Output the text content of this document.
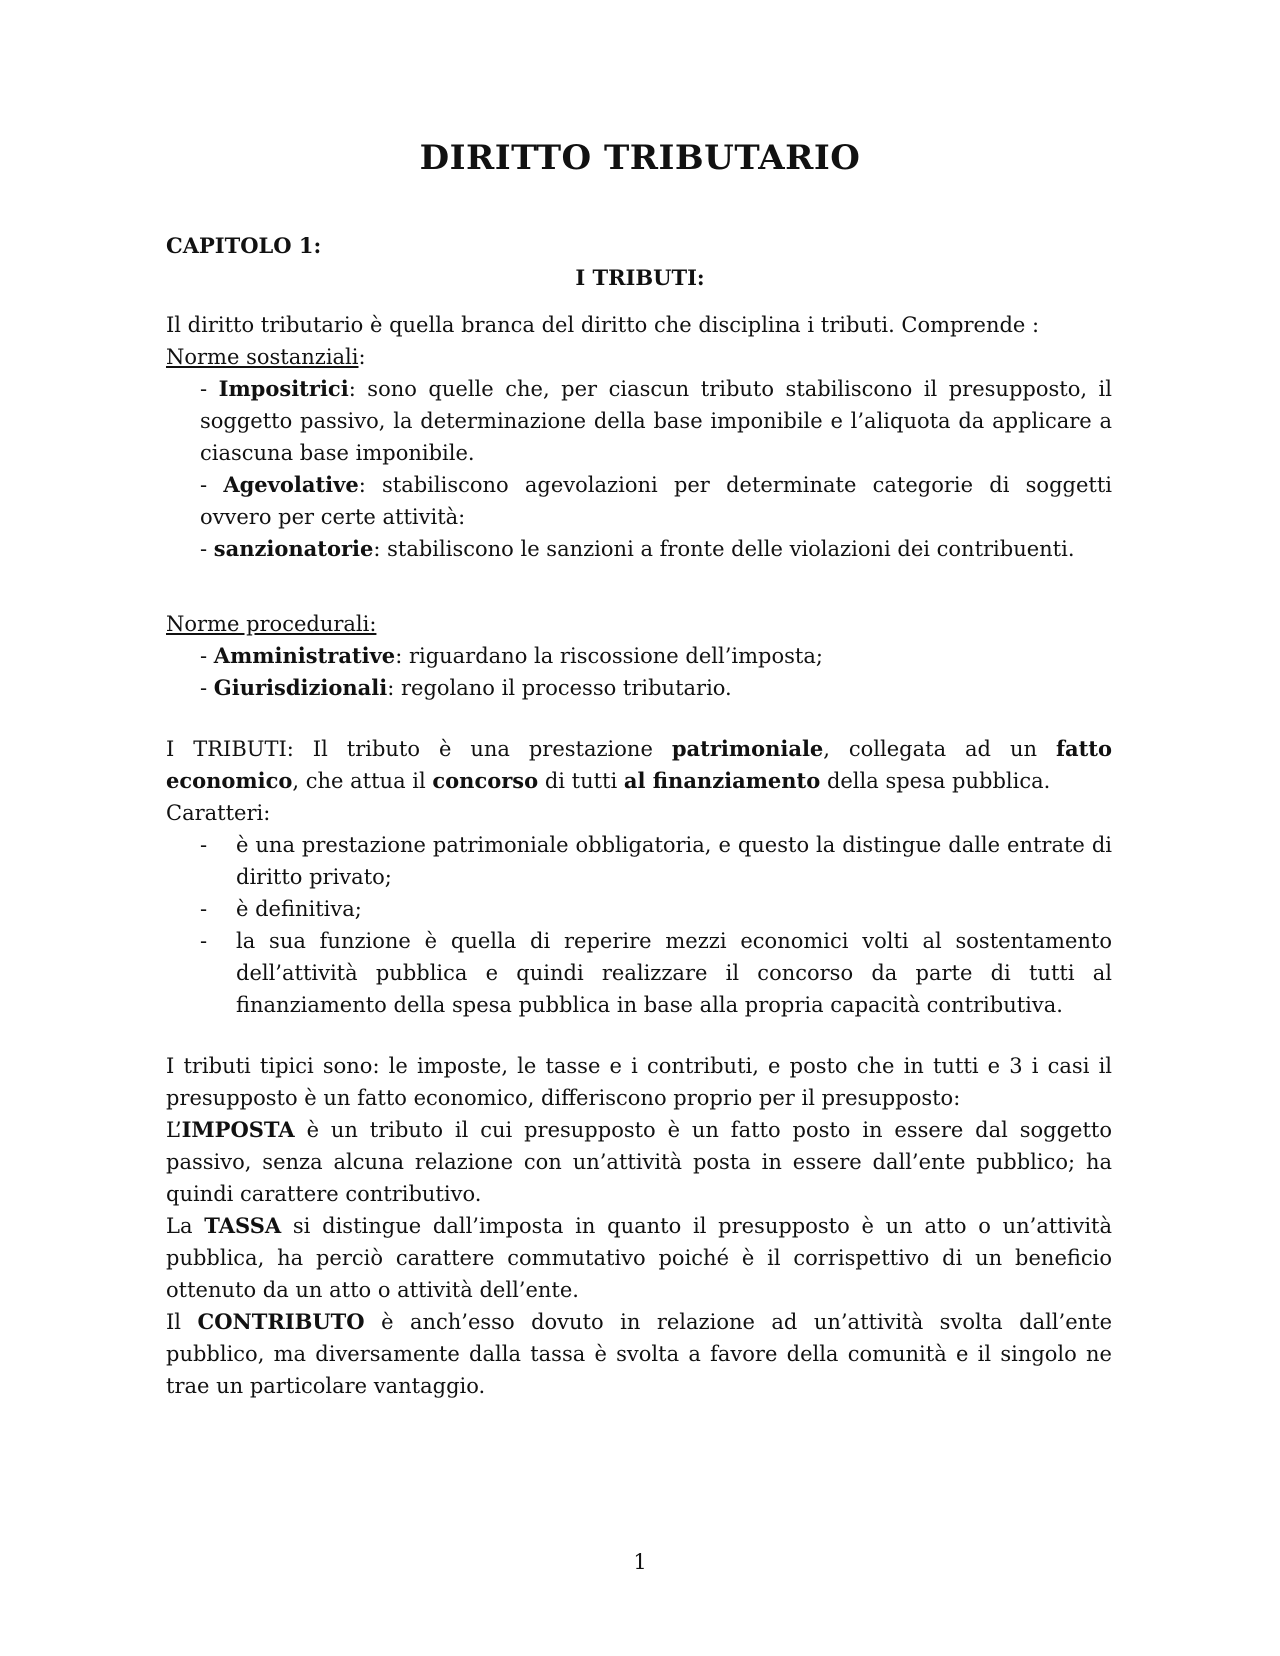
DIRITTO TRIBUTARIO
CAPITOLO 1:
I TRIBUTI:
Il diritto tributario è quella branca del diritto che disciplina i tributi. Comprende :
Norme sostanziali:
- Impositrici: sono quelle che, per ciascun tributo stabiliscono il presupposto, il soggetto passivo, la determinazione della base imponibile e l’aliquota da applicare a ciascuna base imponibile.
- Agevolative: stabiliscono agevolazioni per determinate categorie di soggetti ovvero per certe attività:
- sanzionatorie: stabiliscono le sanzioni a fronte delle violazioni dei contribuenti.
Norme procedurali:
- Amministrative: riguardano la riscossione dell’imposta;
- Giurisdizionali: regolano il processo tributario.
I TRIBUTI: Il tributo è una prestazione patrimoniale, collegata ad un fatto economico, che attua il concorso di tutti al finanziamento della spesa pubblica.
Caratteri:
-	è una prestazione patrimoniale obbligatoria, e questo la distingue dalle entrate di diritto privato;
-	è definitiva;
-	la sua funzione è quella di reperire mezzi economici volti al sostentamento dell’attività pubblica e quindi realizzare il concorso da parte di tutti al finanziamento della spesa pubblica in base alla propria capacità contributiva.
I tributi tipici sono: le imposte, le tasse e i contributi, e posto che in tutti e 3 i casi il presupposto è un fatto economico, differiscono proprio per il presupposto:
L’IMPOSTA è un tributo il cui presupposto è un fatto posto in essere dal soggetto passivo, senza alcuna relazione con un’attività posta in essere dall’ente pubblico; ha quindi carattere contributivo.
La TASSA si distingue dall’imposta in quanto il presupposto è un atto o un’attività pubblica, ha perciò carattere commutativo poiché è il corrispettivo di un beneficio ottenuto da un atto o attività dell’ente.
Il CONTRIBUTO è anch’esso dovuto in relazione ad un’attività svolta dall’ente pubblico, ma diversamente dalla tassa è svolta a favore della comunità e il singolo ne trae un particolare vantaggio.
1
